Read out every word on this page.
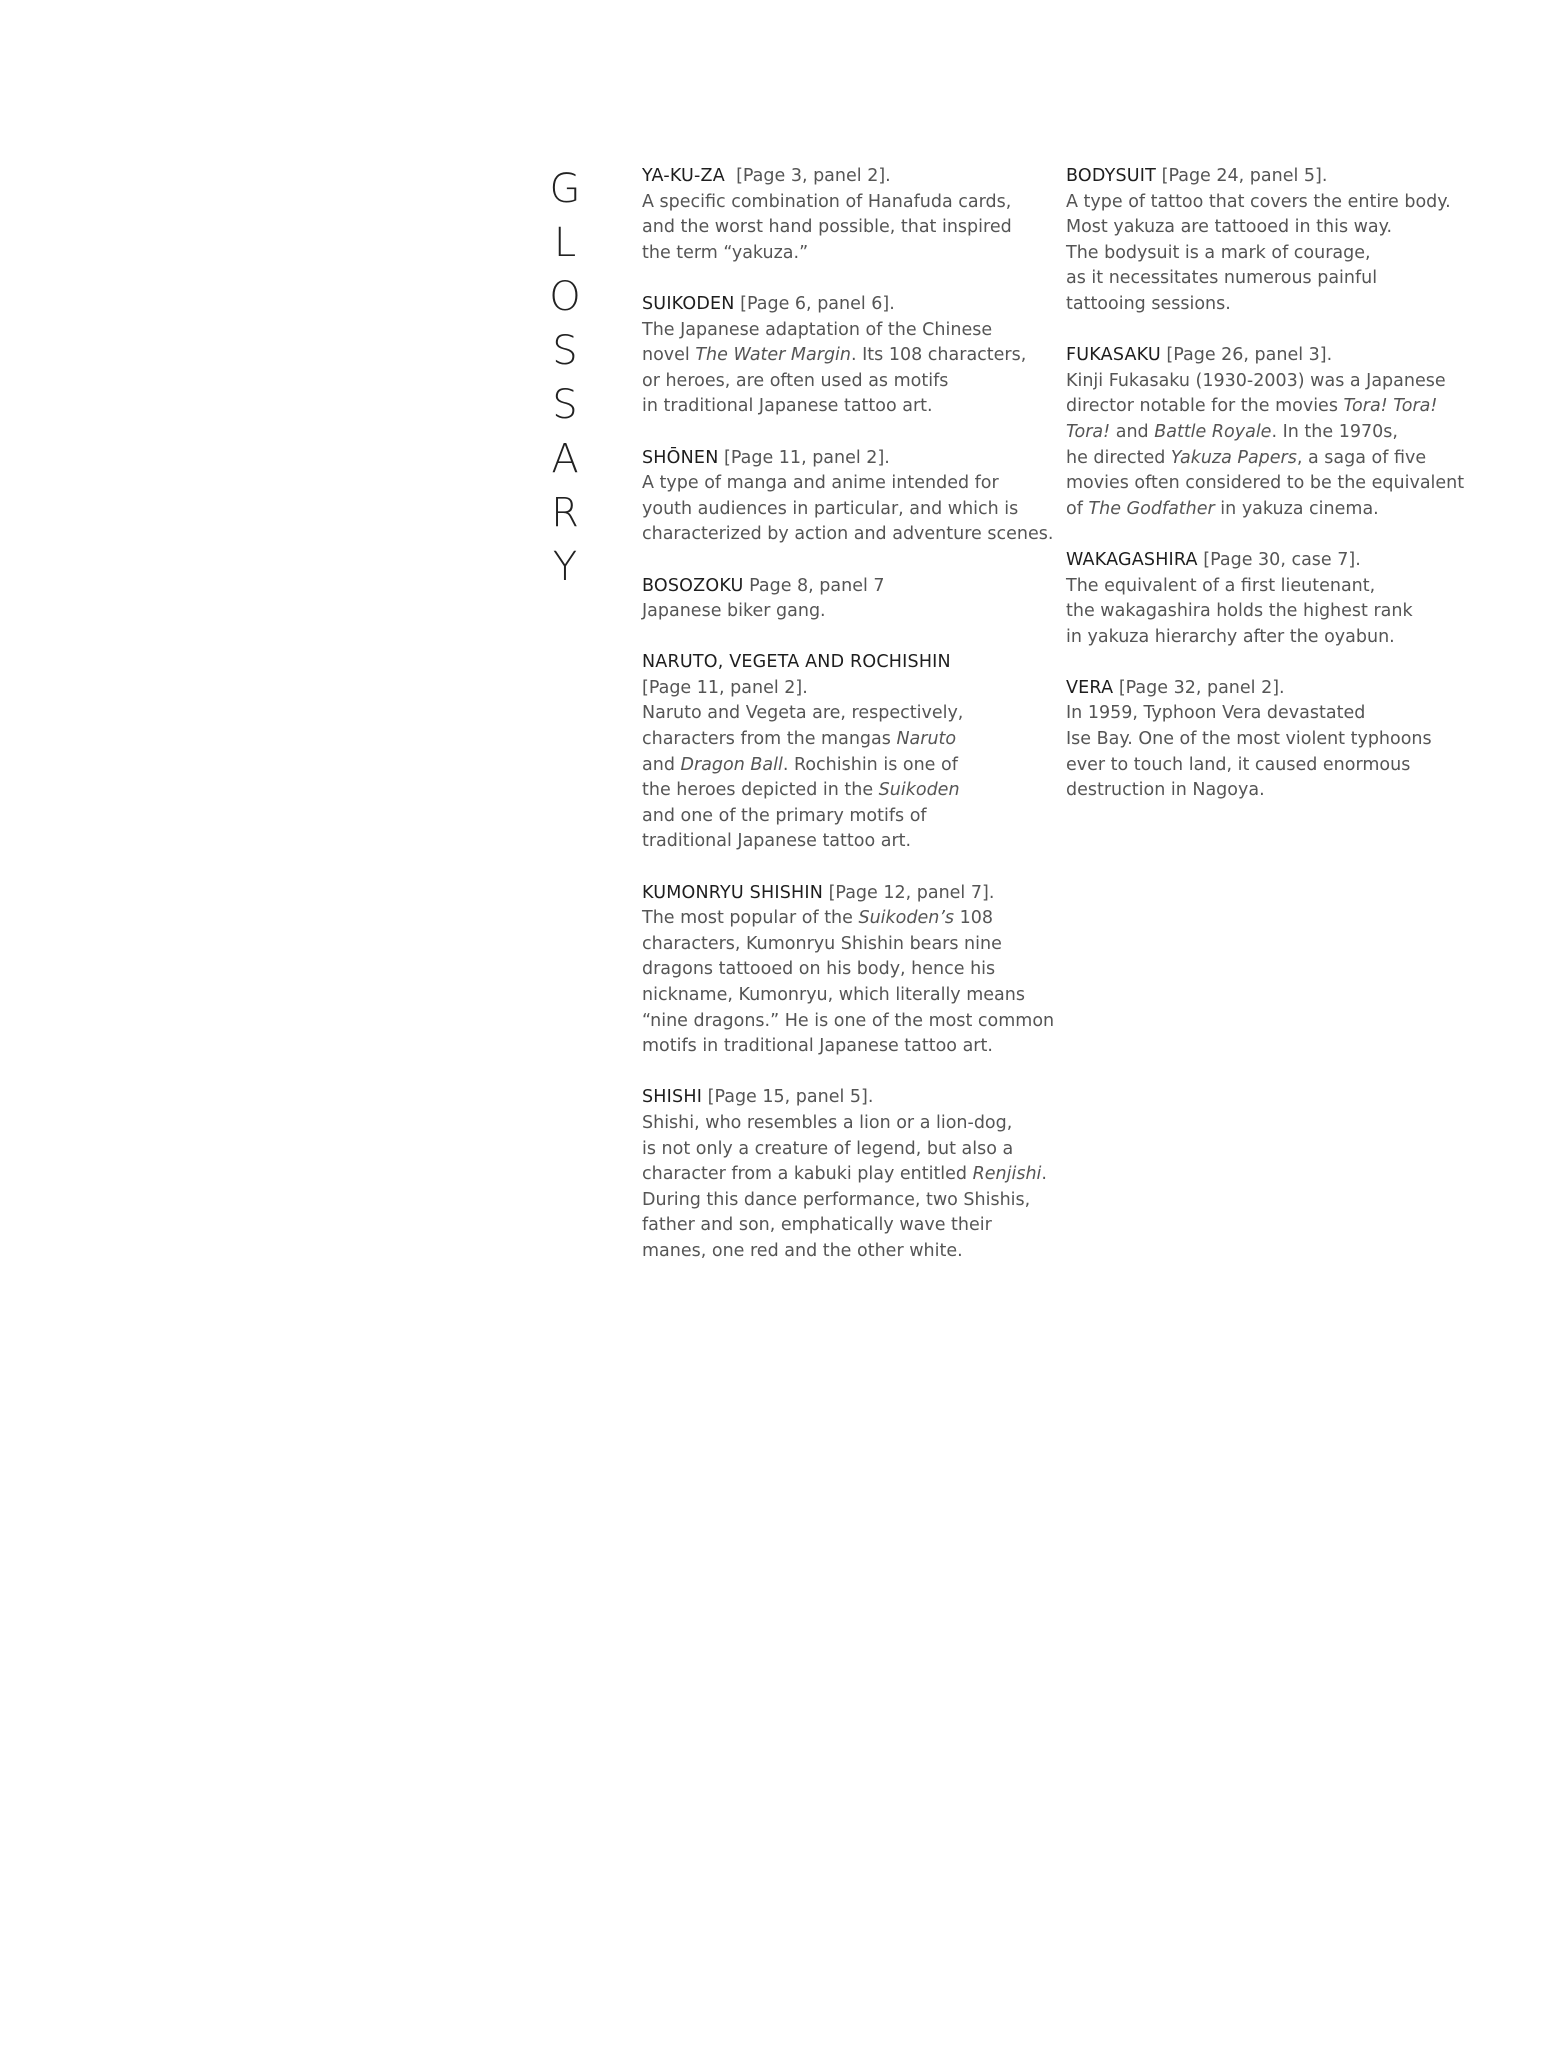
G
L
O
S
S
A
R
Y
YA-KU-ZA  [Page 3, panel 2].
A specific combination of Hanafuda cards,
and the worst hand possible, that inspired
the term “yakuza.”
SUIKODEN [Page 6, panel 6].
The Japanese adaptation of the Chinese
novel The Water Margin. Its 108 characters,
or heroes, are often used as motifs
in traditional Japanese tattoo art.
SHŌNEN [Page 11, panel 2].
A type of manga and anime intended for
youth audiences in particular, and which is
characterized by action and adventure scenes.
BOSOZOKU Page 8, panel 7
Japanese biker gang.
NARUTO, VEGETA AND ROCHISHIN
[Page 11, panel 2].
Naruto and Vegeta are, respectively,
characters from the mangas Naruto
and Dragon Ball. Rochishin is one of
the heroes depicted in the Suikoden
and one of the primary motifs of
traditional Japanese tattoo art.
KUMONRYU SHISHIN [Page 12, panel 7].
The most popular of the Suikoden’s 108
characters, Kumonryu Shishin bears nine
dragons tattooed on his body, hence his
nickname, Kumonryu, which literally means
“nine dragons.” He is one of the most common
motifs in traditional Japanese tattoo art.
SHISHI [Page 15, panel 5].
Shishi, who resembles a lion or a lion-dog,
is not only a creature of legend, but also a
character from a kabuki play entitled Renjishi.
During this dance performance, two Shishis,
father and son, emphatically wave their
manes, one red and the other white.
BODYSUIT [Page 24, panel 5].
A type of tattoo that covers the entire body.
Most yakuza are tattooed in this way.
The bodysuit is a mark of courage,
as it necessitates numerous painful
tattooing sessions.
FUKASAKU [Page 26, panel 3].
Kinji Fukasaku (1930-2003) was a Japanese
director notable for the movies Tora! Tora!
Tora! and Battle Royale. In the 1970s,
he directed Yakuza Papers, a saga of five
movies often considered to be the equivalent
of The Godfather in yakuza cinema.
WAKAGASHIRA [Page 30, case 7].
The equivalent of a first lieutenant,
the wakagashira holds the highest rank
in yakuza hierarchy after the oyabun.
VERA [Page 32, panel 2].
In 1959, Typhoon Vera devastated
Ise Bay. One of the most violent typhoons
ever to touch land, it caused enormous
destruction in Nagoya.
